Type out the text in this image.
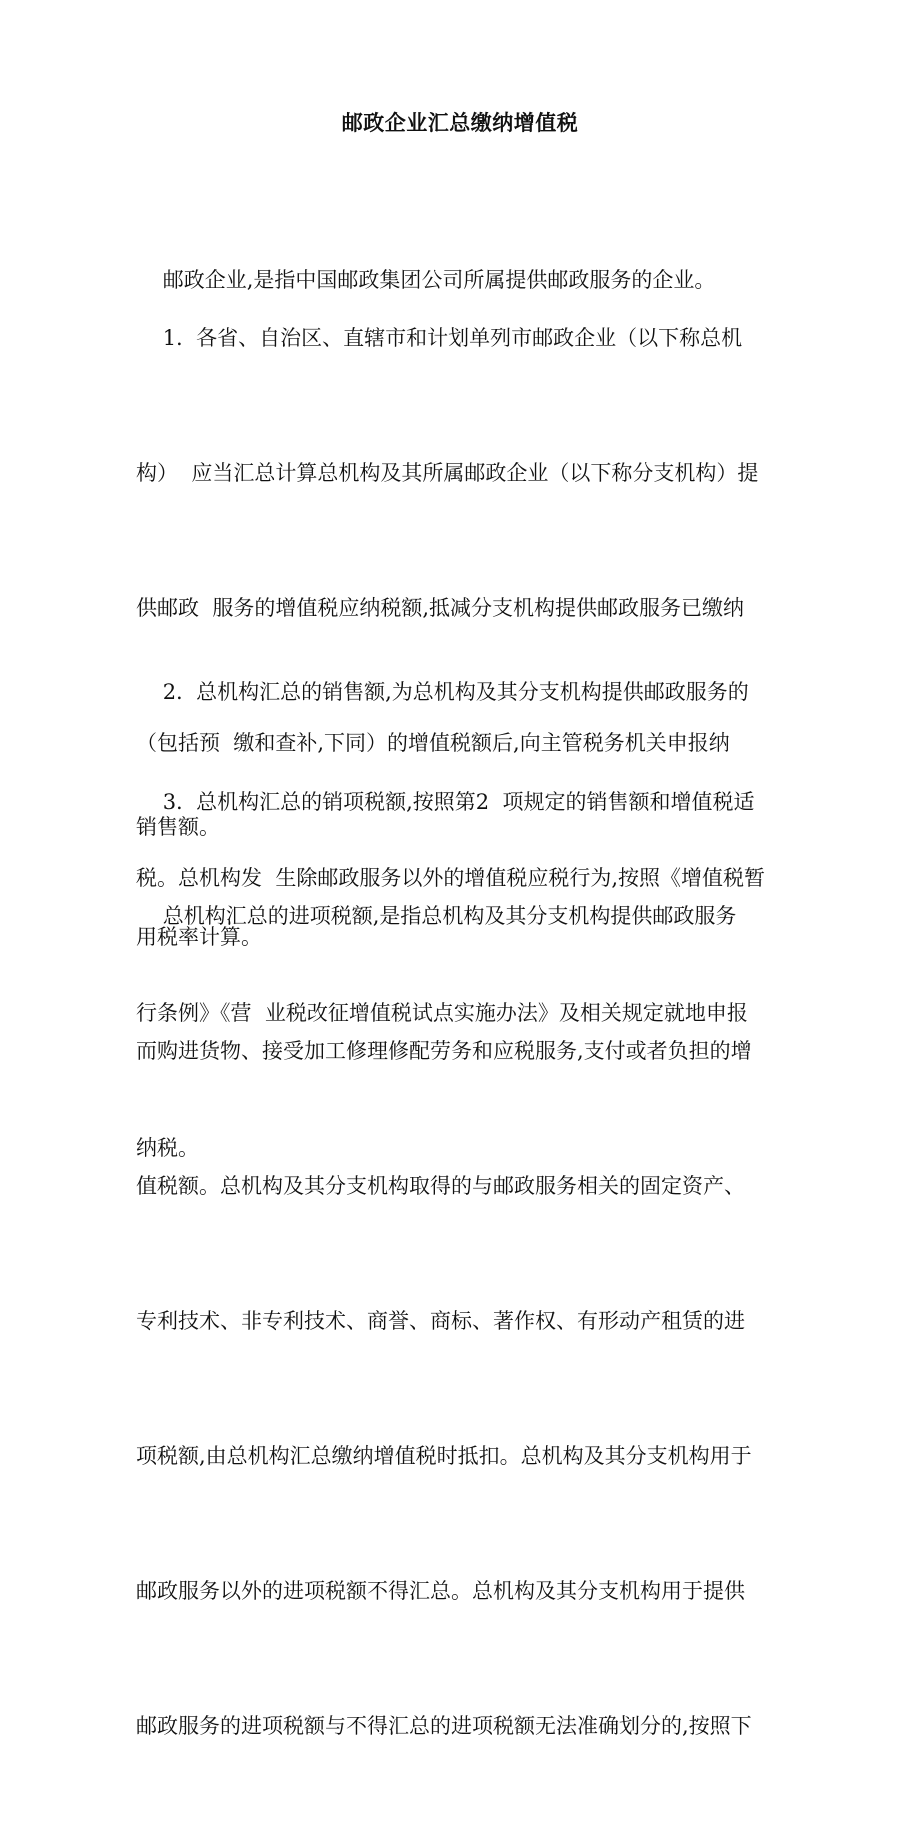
邮政企业汇总缴纳增值税

邮政企业,是指中国邮政集团公司所属提供邮政服务的企业。

1.  各省、自治区、直辖市和计划单列市邮政企业（以下称总机

构）  应当汇总计算总机构及其所属邮政企业（以下称分支机构）提

供邮政  服务的增值税应纳税额,抵减分支机构提供邮政服务已缴纳

（包括预  缴和查补,下同）的增值税额后,向主管税务机关申报纳

税。总机构发  生除邮政服务以外的增值税应税行为,按照《增值税暂

行条例》《营  业税改征增值税试点实施办法》及相关规定就地申报

纳税。

2.  总机构汇总的销售额,为总机构及其分支机构提供邮政服务的

销售额。

3.  总机构汇总的销项税额,按照第2  项规定的销售额和增值税适

用税率计算。

总机构汇总的进项税额,是指总机构及其分支机构提供邮政服务

而购进货物、接受加工修理修配劳务和应税服务,支付或者负担的增

值税额。总机构及其分支机构取得的与邮政服务相关的固定资产、

专利技术、非专利技术、商誉、商标、著作权、有形动产租赁的进

项税额,由总机构汇总缴纳增值税时抵扣。总机构及其分支机构用于

邮政服务以外的进项税额不得汇总。总机构及其分支机构用于提供

邮政服务的进项税额与不得汇总的进项税额无法准确划分的,按照下
